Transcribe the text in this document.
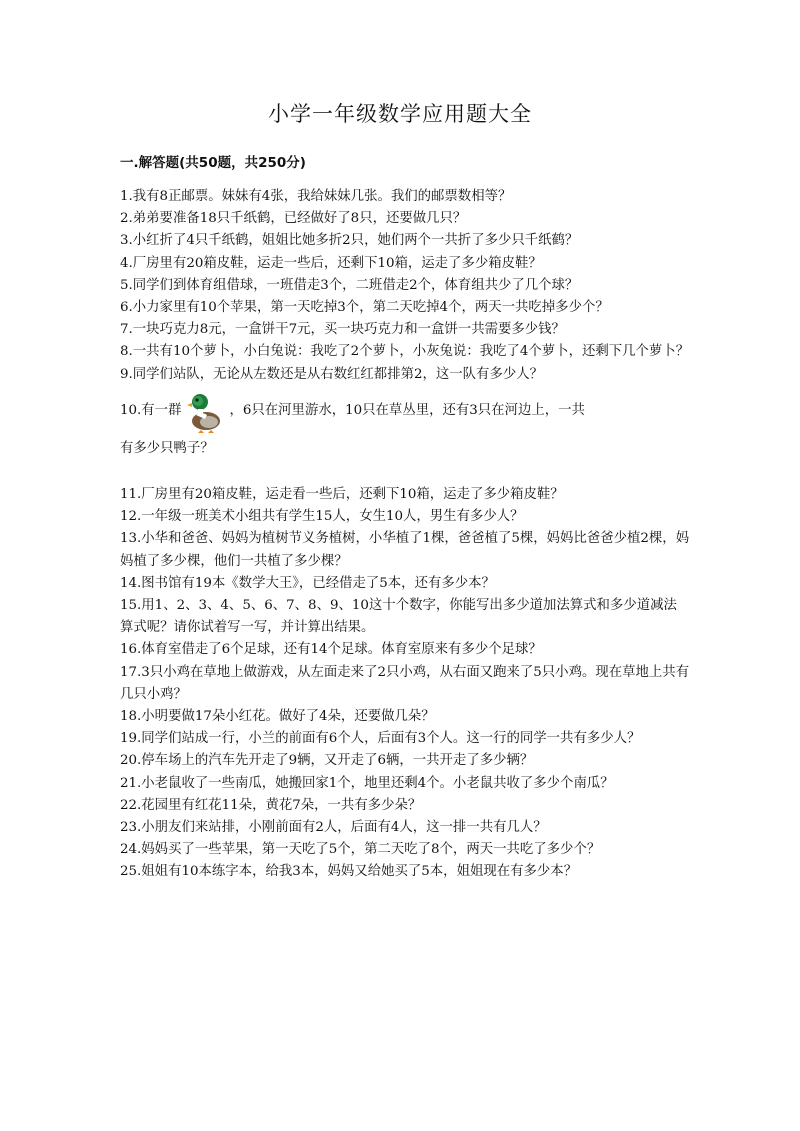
小学一年级数学应用题大全
一.解答题(共50题，共250分)

1.我有8正邮票。妹妹有4张，我给妹妹几张。我们的邮票数相等？

2.弟弟要准备18只千纸鹤，已经做好了8只，还要做几只？

3.小红折了4只千纸鹤，姐姐比她多折2只，她们两个一共折了多少只千纸鹤？

4.厂房里有20箱皮鞋，运走一些后，还剩下10箱，运走了多少箱皮鞋？

5.同学们到体育组借球，一班借走3个，二班借走2个，体育组共少了几个球？

6.小力家里有10个苹果，第一天吃掉3个，第二天吃掉4个，两天一共吃掉多少个？

7.一块巧克力8元，一盒饼干7元，买一块巧克力和一盒饼一共需要多少钱？

8.一共有10个萝卜，小白兔说：我吃了2个萝卜，小灰兔说：我吃了4个萝卜，还剩下几个萝卜？

9.同学们站队，无论从左数还是从右数红红都排第2，这一队有多少人？

10.有一群	，6只在河里游水，10只在草丛里，还有3只在河边上，一共
有多少只鸭子？

11.厂房里有20箱皮鞋，运走看一些后，还剩下10箱，运走了多少箱皮鞋？

12.一年级一班美术小组共有学生15人，女生10人，男生有多少人？

13.小华和爸爸、妈妈为植树节义务植树，小华植了1棵，爸爸植了5棵，妈妈比爸爸少植2棵，妈妈植了多少棵，他们一共植了多少棵？

14.图书馆有19本《数学大王》，已经借走了5本，还有多少本？

15.用1、2、3、4、5、6、7、8、9、10这十个数字，你能写出多少道加法算式和多少道减法算式呢？请你试着写一写，并计算出结果。

16.体育室借走了6个足球，还有14个足球。体育室原来有多少个足球？

17.3只小鸡在草地上做游戏，从左面走来了2只小鸡，从右面又跑来了5只小鸡。现在草地上共有几只小鸡？

18.小明要做17朵小红花。做好了4朵，还要做几朵？

19.同学们站成一行，小兰的前面有6个人，后面有3个人。这一行的同学一共有多少人？

20.停车场上的汽车先开走了9辆，又开走了6辆，一共开走了多少辆？

21.小老鼠收了一些南瓜，她搬回家1个，地里还剩4个。小老鼠共收了多少个南瓜？

22.花园里有红花11朵，黄花7朵，一共有多少朵？

23.小朋友们来站排，小刚前面有2人，后面有4人，这一排一共有几人？

24.妈妈买了一些苹果，第一天吃了5个，第二天吃了8个，两天一共吃了多少个？

25.姐姐有10本练字本，给我3本，妈妈又给她买了5本，姐姐现在有多少本？
